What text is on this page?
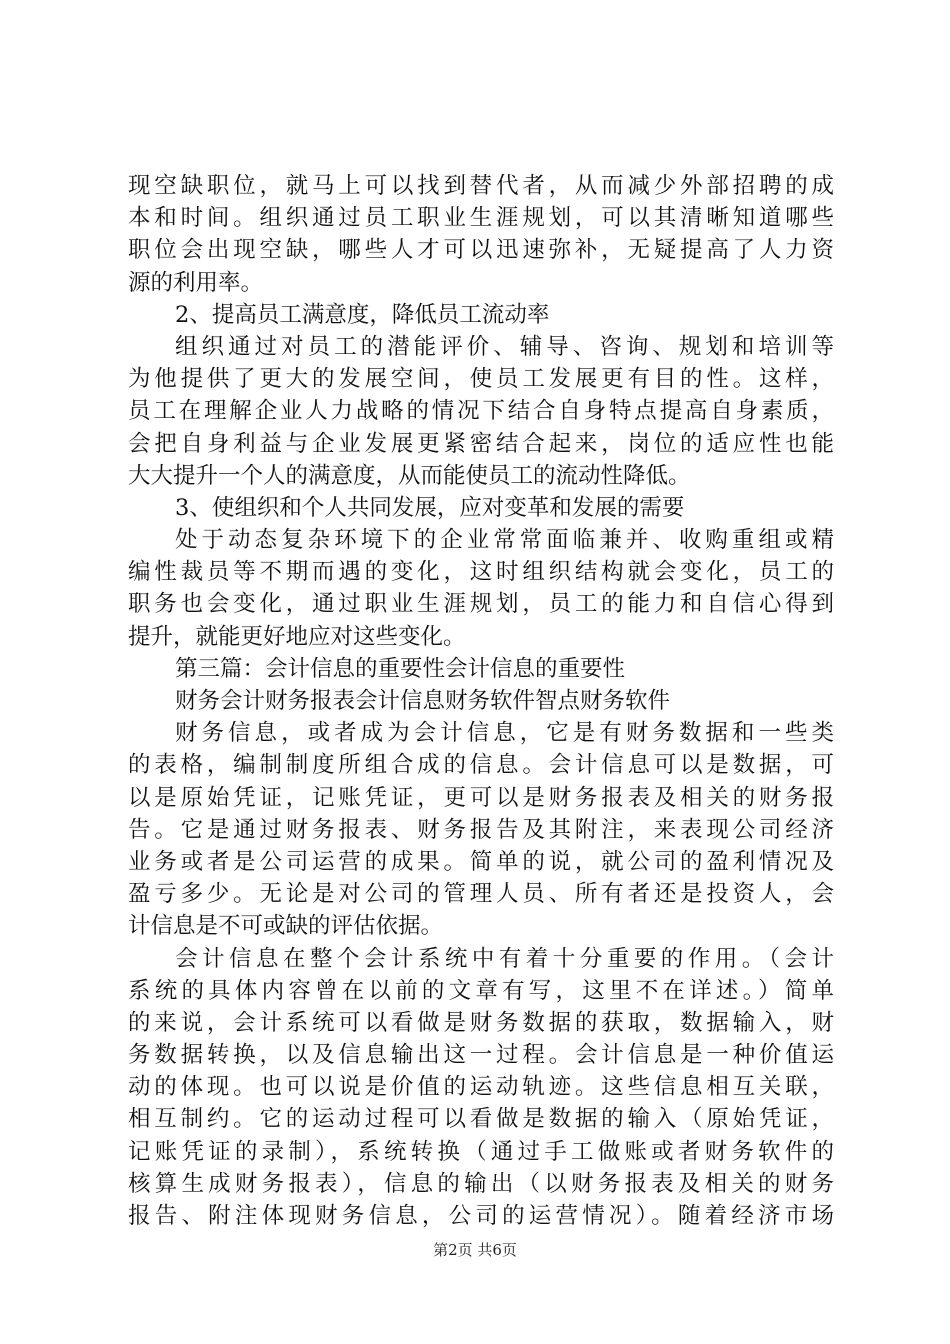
现空缺职位，就马上可以找到替代者，从而减少外部招聘的成
本和时间。组织通过员工职业生涯规划，可以其清晰知道哪些
职位会出现空缺，哪些人才可以迅速弥补，无疑提高了人力资
源的利用率。
2、提高员工满意度，降低员工流动率
组织通过对员工的潜能评价、辅导、咨询、规划和培训等
为他提供了更大的发展空间，使员工发展更有目的性。这样，
员工在理解企业人力战略的情况下结合自身特点提高自身素质，
会把自身利益与企业发展更紧密结合起来，岗位的适应性也能
大大提升一个人的满意度，从而能使员工的流动性降低。
3、使组织和个人共同发展，应对变革和发展的需要
处于动态复杂环境下的企业常常面临兼并、收购重组或精
编性裁员等不期而遇的变化，这时组织结构就会变化，员工的
职务也会变化，通过职业生涯规划，员工的能力和自信心得到
提升，就能更好地应对这些变化。
第三篇：会计信息的重要性会计信息的重要性
财务会计财务报表会计信息财务软件智点财务软件
财务信息，或者成为会计信息，它是有财务数据和一些类
的表格，编制制度所组合成的信息。会计信息可以是数据，可
以是原始凭证，记账凭证，更可以是财务报表及相关的财务报
告。它是通过财务报表、财务报告及其附注，来表现公司经济
业务或者是公司运营的成果。简单的说，就公司的盈利情况及
盈亏多少。无论是对公司的管理人员、所有者还是投资人，会
计信息是不可或缺的评估依据。
会计信息在整个会计系统中有着十分重要的作用。（会计
系统的具体内容曾在以前的文章有写，这里不在详述。）简单
的来说，会计系统可以看做是财务数据的获取，数据输入，财
务数据转换，以及信息输出这一过程。会计信息是一种价值运
动的体现。也可以说是价值的运动轨迹。这些信息相互关联，
相互制约。它的运动过程可以看做是数据的输入（原始凭证，
记账凭证的录制），系统转换（通过手工做账或者财务软件的
核算生成财务报表），信息的输出（以财务报表及相关的财务
报告、附注体现财务信息，公司的运营情况）。随着经济市场
第2页 共6页
